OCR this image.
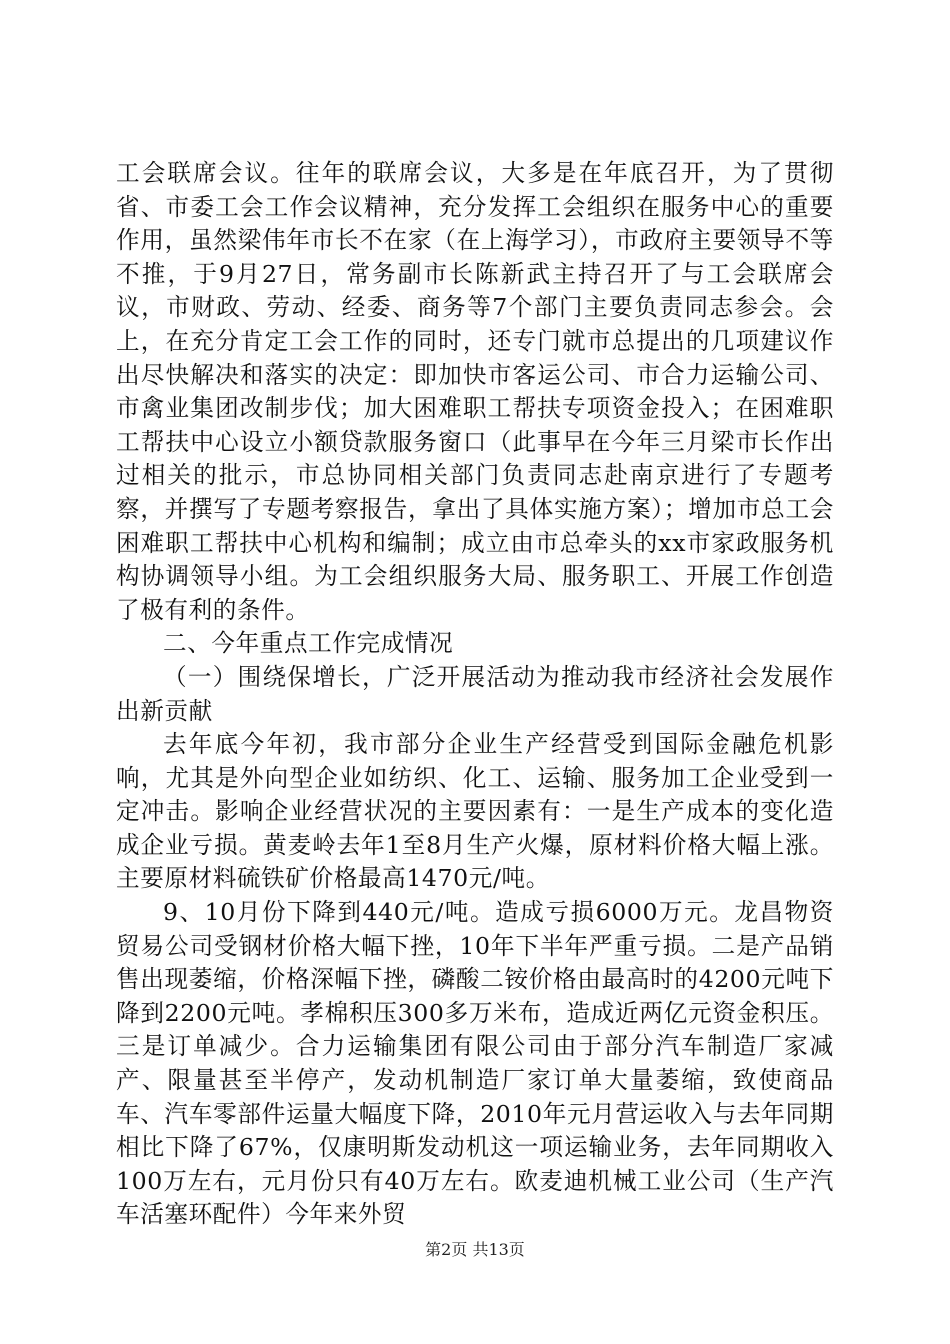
工会联席会议。往年的联席会议，大多是在年底召开，为了贯彻省、市委工会工作会议精神，充分发挥工会组织在服务中心的重要作用，虽然梁伟年市长不在家（在上海学习），市政府主要领导不等不推，于9月27日，常务副市长陈新武主持召开了与工会联席会议，市财政、劳动、经委、商务等7个部门主要负责同志参会。会上，在充分肯定工会工作的同时，还专门就市总提出的几项建议作出尽快解决和落实的决定：即加快市客运公司、市合力运输公司、市禽业集团改制步伐；加大困难职工帮扶专项资金投入；在困难职工帮扶中心设立小额贷款服务窗口（此事早在今年三月梁市长作出过相关的批示，市总协同相关部门负责同志赴南京进行了专题考察，并撰写了专题考察报告，拿出了具体实施方案）；增加市总工会困难职工帮扶中心机构和编制；成立由市总牵头的xx市家政服务机构协调领导小组。为工会组织服务大局、服务职工、开展工作创造了极有利的条件。

二、今年重点工作完成情况

（一）围绕保增长，广泛开展活动为推动我市经济社会发展作出新贡献

去年底今年初，我市部分企业生产经营受到国际金融危机影响，尤其是外向型企业如纺织、化工、运输、服务加工企业受到一定冲击。影响企业经营状况的主要因素有：一是生产成本的变化造成企业亏损。黄麦岭去年1至8月生产火爆，原材料价格大幅上涨。主要原材料硫铁矿价格最高1470元/吨。

9、10月份下降到440元/吨。造成亏损6000万元。龙昌物资贸易公司受钢材价格大幅下挫，10年下半年严重亏损。二是产品销售出现萎缩，价格深幅下挫，磷酸二铵价格由最高时的4200元吨下降到2200元吨。孝棉积压300多万米布，造成近两亿元资金积压。三是订单减少。合力运输集团有限公司由于部分汽车制造厂家减产、限量甚至半停产，发动机制造厂家订单大量萎缩，致使商品车、汽车零部件运量大幅度下降，2010年元月营运收入与去年同期相比下降了67%，仅康明斯发动机这一项运输业务，去年同期收入100万左右，元月份只有40万左右。欧麦迪机械工业公司（生产汽车活塞环配件）今年来外贸

第2页 共13页
